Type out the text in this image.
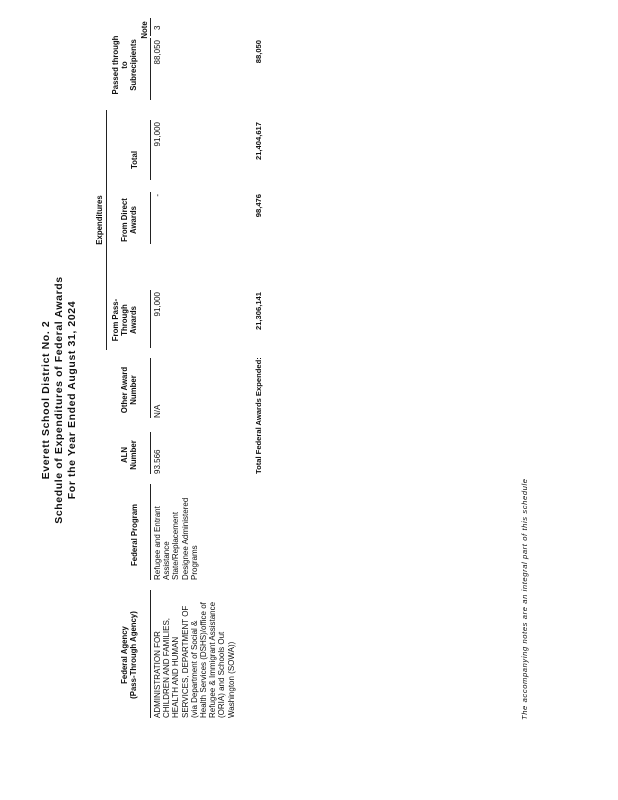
Everett School District No. 2 Schedule of Expenditures of Federal Awards For the Year Ended August 31, 2024
Expenditures
Federal Agency (Pass-Through Agency)
Federal Program
ALN Number
Other Award Number
From Pass- Through Awards
From Direct Awards
Total
Passed through to Subrecipients
Note
ADMINISTRATION FOR CHILDREN AND FAMILIES, HEALTH AND HUMAN SERVICES, DEPARTMENT OF (via Department of Social & Health Services (DSHS)/office of Refugee & Immigrant Assistance (ORIA) and Schools Out Washington (SOWA))
Refugee and Entrant Assistance State/Replacement Designee Administered Programs
93.566
N/A
91,000
-
91,000
88,050
3
Total Federal Awards Expended:
21,306,141
98,476
21,404,617
88,050
The accompanying notes are an integral part of this schedule
